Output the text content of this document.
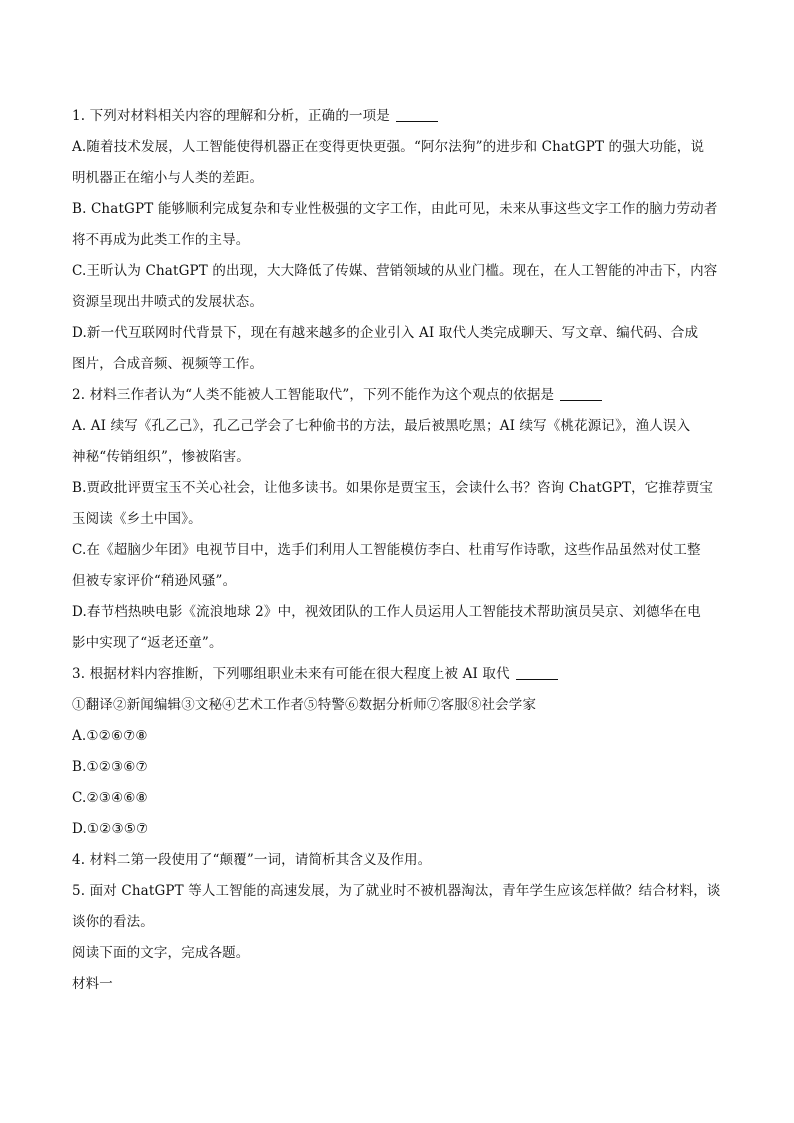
1. 下列对材料相关内容的理解和分析，正确的一项是
A.随着技术发展，人工智能使得机器正在变得更快更强。“阿尔法狗”的进步和 ChatGPT 的强大功能，说
明机器正在缩小与人类的差距。
B. ChatGPT 能够顺利完成复杂和专业性极强的文字工作，由此可见，未来从事这些文字工作的脑力劳动者
将不再成为此类工作的主导。
C.王昕认为 ChatGPT 的出现，大大降低了传媒、营销领域的从业门槛。现在，在人工智能的冲击下，内容
资源呈现出井喷式的发展状态。
D.新一代互联网时代背景下，现在有越来越多的企业引入 AI 取代人类完成聊天、写文章、编代码、合成
图片，合成音频、视频等工作。
2. 材料三作者认为“人类不能被人工智能取代”，下列不能作为这个观点的依据是
A. AI 续写《孔乙己》，孔乙己学会了七种偷书的方法，最后被黑吃黑；AI 续写《桃花源记》，渔人误入
神秘“传销组织”，惨被陷害。
B.贾政批评贾宝玉不关心社会，让他多读书。如果你是贾宝玉，会读什么书？咨询 ChatGPT，它推荐贾宝
玉阅读《乡土中国》。
C.在《超脑少年团》电视节目中，选手们利用人工智能模仿李白、杜甫写作诗歌，这些作品虽然对仗工整
但被专家评价“稍逊风骚”。
D.春节档热映电影《流浪地球 2》中，视效团队的工作人员运用人工智能技术帮助演员吴京、刘德华在电
影中实现了“返老还童”。
3. 根据材料内容推断，下列哪组职业未来有可能在很大程度上被 AI 取代
①翻译②新闻编辑③文秘④艺术工作者⑤特警⑥数据分析师⑦客服⑧社会学家
A.①②⑥⑦⑧
B.①②③⑥⑦
C.②③④⑥⑧
D.①②③⑤⑦
4. 材料二第一段使用了“颠覆”一词，请简析其含义及作用。
5. 面对 ChatGPT 等人工智能的高速发展，为了就业时不被机器淘汰，青年学生应该怎样做？结合材料，谈
谈你的看法。
阅读下面的文字，完成各题。
材料一
